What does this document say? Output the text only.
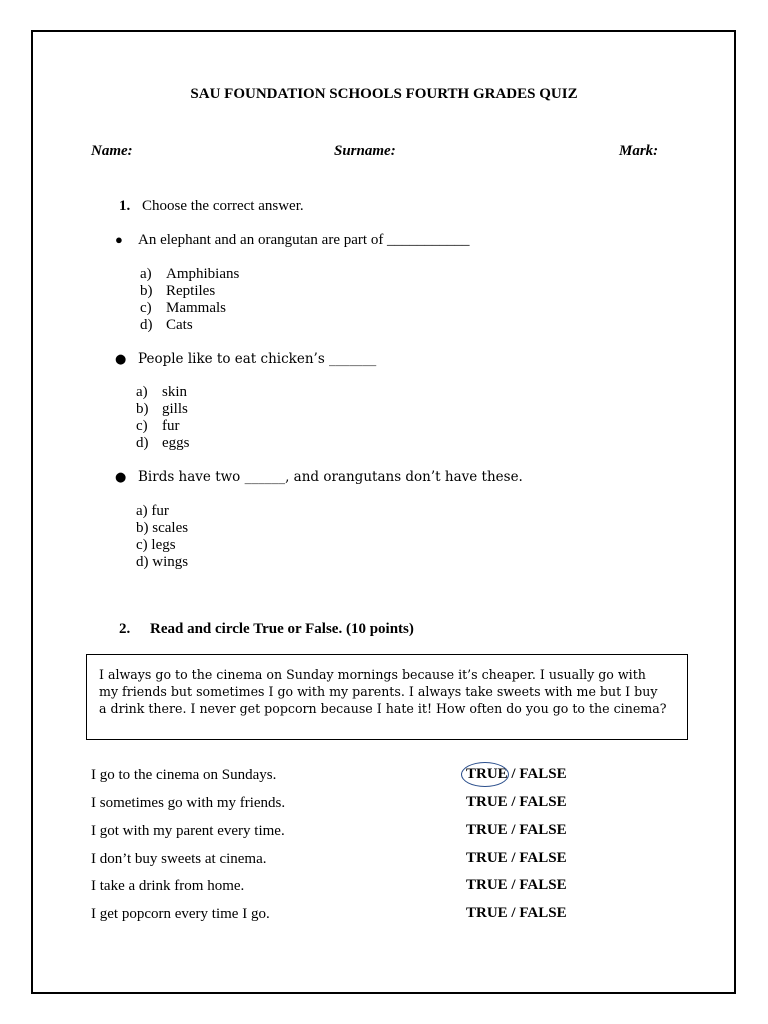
SAU FOUNDATION SCHOOLS FOURTH GRADES QUIZ
Name:	Surname:	Mark:
1. Choose the correct answer.
● An elephant and an orangutan are part of ___________
a) Amphibians
b) Reptiles
c) Mammals
d) Cats
● People like to eat chicken’s _______
a) skin
b) gills
c) fur
d) eggs
● Birds have two ______, and orangutans don’t have these.
a) fur
b) scales
c) legs
d) wings
2. Read and circle True or False. (10 points)
I always go to the cinema on Sunday mornings because it’s cheaper. I usually go with
my friends but sometimes I go with my parents. I always take sweets with me but I buy
a drink there. I never get popcorn because I hate it! How often do you go to the cinema?
I go to the cinema on Sundays.	TRUE / FALSE
I sometimes go with my friends.	TRUE / FALSE
I got with my parent every time.	TRUE / FALSE
I don’t buy sweets at cinema.	TRUE / FALSE
I take a drink from home.	TRUE / FALSE
I get popcorn every time I go.	TRUE / FALSE
